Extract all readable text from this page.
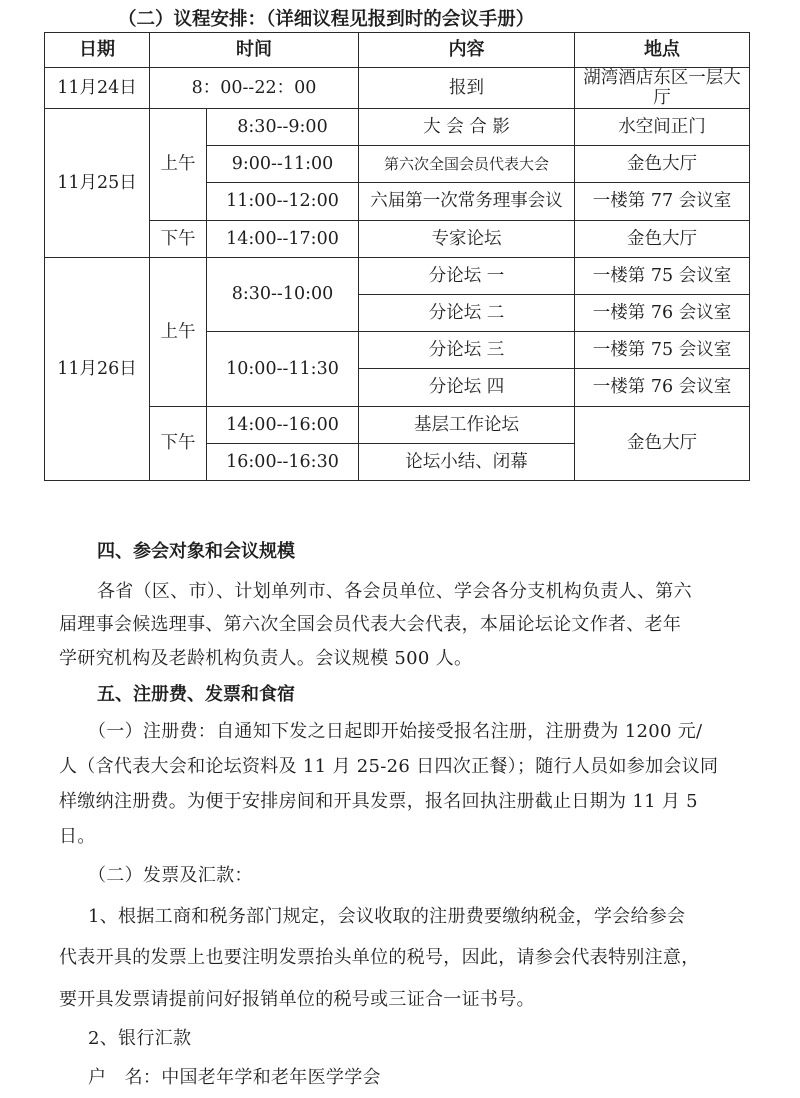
（二）议程安排：（详细议程见报到时的会议手册）
日期	时间		内容	地点
11月24日	8：00--22：00		报到	湖湾酒店东区一层大厅
11月25日	上午	8:30--9:00	大 会 合 影	水空间正门
		9:00--11:00	第六次全国会员代表大会	金色大厅
		11:00--12:00	六届第一次常务理事会议	一楼第 77 会议室
	下午	14:00--17:00	专家论坛	金色大厅
11月26日	上午	8:30--10:00	分论坛 一	一楼第 75 会议室
			分论坛 二	一楼第 76 会议室
		10:00--11:30	分论坛 三	一楼第 75 会议室
			分论坛 四	一楼第 76 会议室
	下午	14:00--16:00	基层工作论坛	金色大厅
		16:00--16:30	论坛小结、闭幕	
四、参会对象和会议规模
各省（区、市）、计划单列市、各会员单位、学会各分支机构负责人、第六
届理事会候选理事、第六次全国会员代表大会代表，本届论坛论文作者、老年
学研究机构及老龄机构负责人。会议规模 500 人。
五、注册费、发票和食宿
（一）注册费：自通知下发之日起即开始接受报名注册，注册费为 1200 元/
人（含代表大会和论坛资料及 11 月 25-26 日四次正餐）；随行人员如参加会议同
样缴纳注册费。为便于安排房间和开具发票，报名回执注册截止日期为 11 月 5
日。
（二）发票及汇款：
1、根据工商和税务部门规定，会议收取的注册费要缴纳税金，学会给参会
代表开具的发票上也要注明发票抬头单位的税号，因此，请参会代表特别注意，
要开具发票请提前问好报销单位的税号或三证合一证书号。
2、银行汇款
户　名：中国老年学和老年医学学会
